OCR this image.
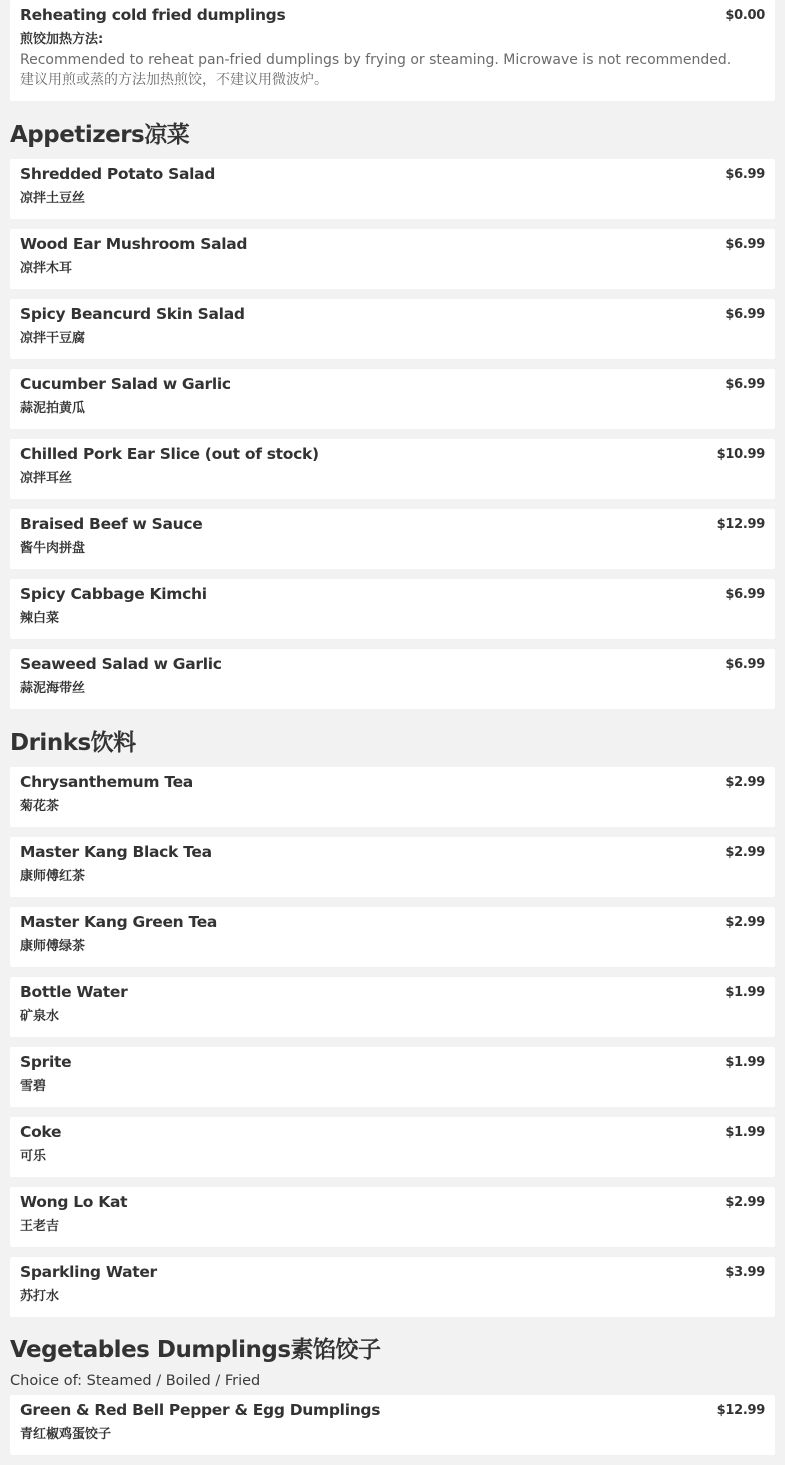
Reheating cold fried dumplings
煎饺加热方法:
$0.00
Recommended to reheat pan-fried dumplings by frying or steaming. Microwave is not recommended.
建议用煎或蒸的方法加热煎饺，不建议用微波炉。
Appetizers凉菜
Shredded Potato Salad
凉拌土豆丝
$6.99
Wood Ear Mushroom Salad
凉拌木耳
$6.99
Spicy Beancurd Skin Salad
凉拌干豆腐
$6.99
Cucumber Salad w Garlic
蒜泥拍黄瓜
$6.99
Chilled Pork Ear Slice (out of stock)
凉拌耳丝
$10.99
Braised Beef w Sauce
酱牛肉拼盘
$12.99
Spicy Cabbage Kimchi
辣白菜
$6.99
Seaweed Salad w Garlic
蒜泥海带丝
$6.99
Drinks饮料
Chrysanthemum Tea
菊花茶
$2.99
Master Kang Black Tea
康师傅红茶
$2.99
Master Kang Green Tea
康师傅绿茶
$2.99
Bottle Water
矿泉水
$1.99
Sprite
雪碧
$1.99
Coke
可乐
$1.99
Wong Lo Kat
王老吉
$2.99
Sparkling Water
苏打水
$3.99
Vegetables Dumplings素馅饺子
Choice of: Steamed / Boiled / Fried
Green & Red Bell Pepper & Egg Dumplings
青红椒鸡蛋饺子
$12.99
